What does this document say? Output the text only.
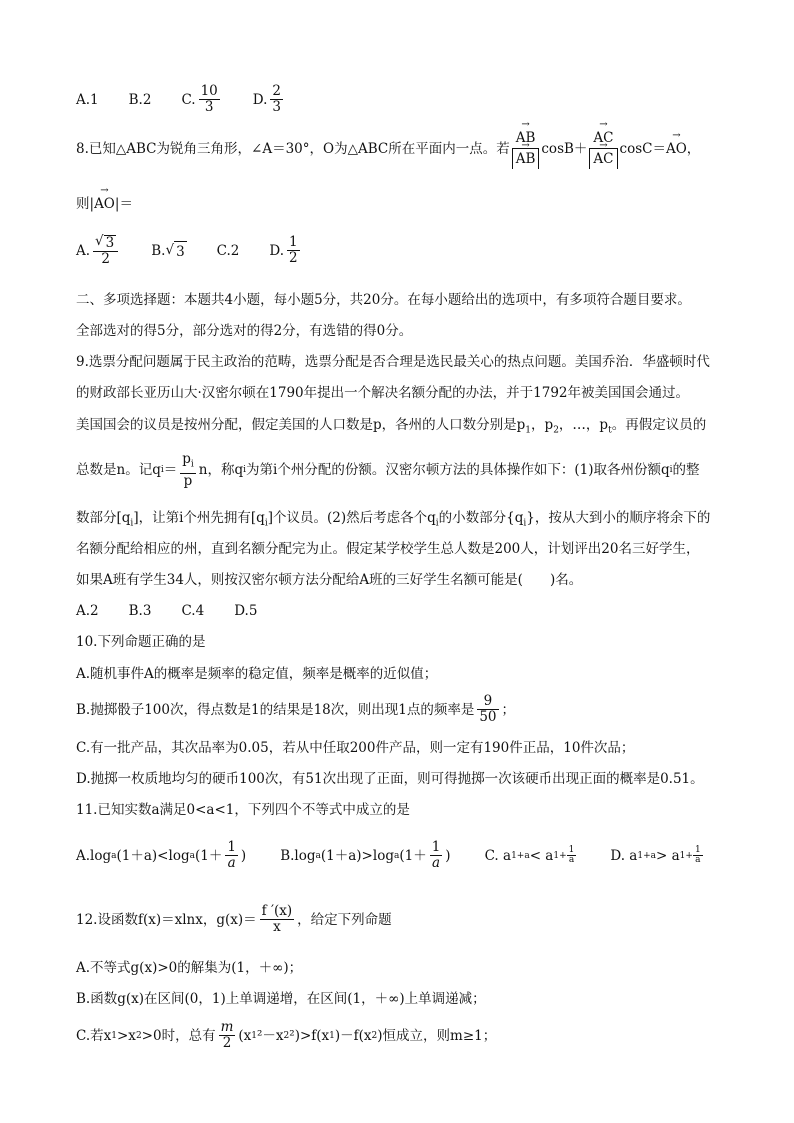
A.1 B.2 C. $\frac{10}{3} D$. $\frac{2}{3}$
8.已知△ABC为锐角三角形，∠A＝30°，O为△ABC所在平面内一点。若 → AB
→ AB cosB＋ → AC
→ AC cosC＝ → AO ，
则|→ AO|＝
A. $\frac{√ 3}{2} B$. √ 3 C.2 D. $\frac{1}{2}$
二、多项选择题：本题共4小题，每小题5分，共20分。在每小题给出的选项中，有多项符合题目要求。
全部选对的得5分，部分选对的得2分，有选错的得0分。
9.选票分配问题属于民主政治的范畴，选票分配是否合理是选民最关心的热点问题。美国乔治．华盛顿时代
的财政部长亚历山大·汉密尔顿在1790年提出一个解决名额分配的办法，并于1792年被美国国会通过。
美国国会的议员是按州分配，假定美国的人口数是p，各州的人口数分别是$p_1$，$p_2$，…，$p_t$。再假定议员的
总数是n。记q $i = \frac{p_i}{p}$ n，称q i 为第i个州分配的份额。汉密尔顿方法的具体操作如下：(1)取各州份额q i 的整
数部分$[q_i]$，让第i个州先拥有$[q_i]$个议员。(2)然后考虑各个$q_i$的小数部分$\{q_i\}$，按从大到小的顺序将余下的
名额分配给相应的州，直到名额分配完为止。假定某学校学生总人数是200人，计划评出20名三好学生，
如果A班有学生34人，则按汉密尔顿方法分配给A班的三好学生名额可能是(　　)名。
A.2 B.3 C.4 D.5
10.下列命题正确的是
A.随机事件A的概率是频率的稳定值，频率是概率的近似值；
B.抛掷骰子100次，得点数是1的结果是18次，则出现1点的频率是 $\frac{9}{50}$ ；
C.有一批产品，其次品率为0.05，若从中任取200件产品，则一定有190件正品，10件次品；
D.抛掷一枚质地均匀的硬币100次，有51次出现了正面，则可得抛掷一次该硬币出现正面的概率是0.51。
11.已知实数a满足0<a<1，下列四个不等式中成立的是
A.log a (1＋a)<log a ($1+ \frac{1}{a}$ )	B.log a (1＋a)>log a ($1+ \frac{1}{a}$ )	C. a 1+a < a $1+ \frac{1}{a}$	D. a 1+a > a $1+ \frac{1}{a}$
12.设函数f(x)＝xlnx，$g(x)= \frac{f '(x)}{x}$ ，给定下列命题
A.不等式g(x)>0的解集为(1，＋∞)；
B.函数g(x)在区间(0，1)上单调递增，在区间(1，＋∞)上单调递减；
C.若x 1 >x 2 >0时，总有 $\frac{m}{2} (x$ 1 ²－x 2 ²)>f(x 1 )－f(x 2 )恒成立，则m≥1；
